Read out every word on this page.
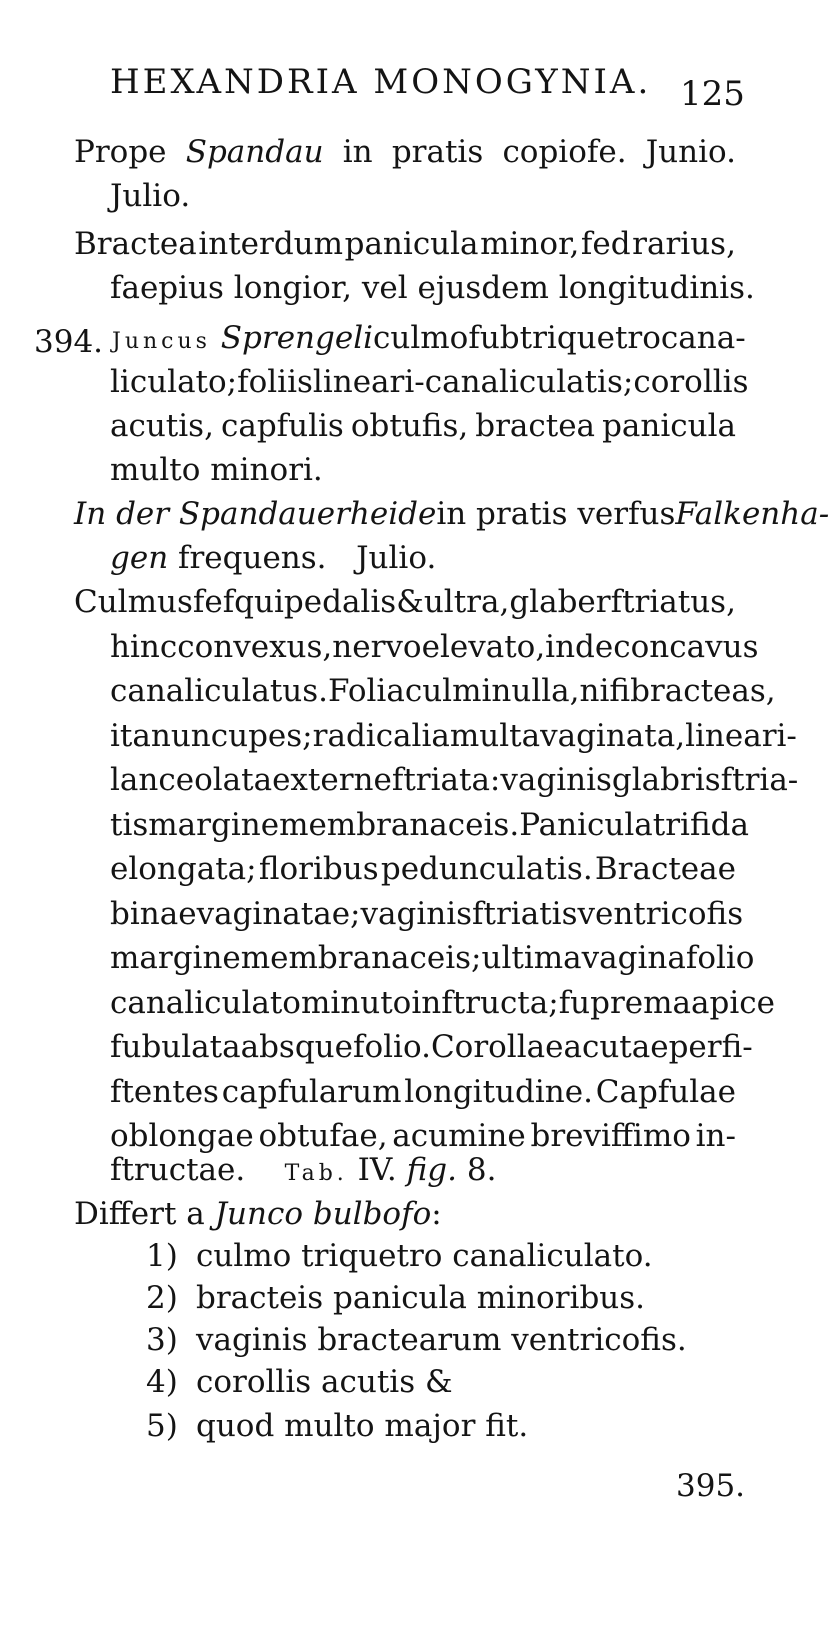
HEXANDRIA MONOGYNIA. 125
Prope Spandau in pratis copiofe. Junio.
Julio.
Bractea interdum panicula minor, fed rarius,
faepius longior, vel ejusdem longitudinis.
394. Juncus Sprengeli culmo fubtriquetro cana-
liculato; foliis lineari-canaliculatis; corollis
acutis, capfulis obtufis, bractea panicula
multo minori.
In der Spandauerheide in pratis verfus Falkenha-
gen frequens.   Julio.
Culmus fefquipedalis & ultra, glaber ftriatus,
hinc convexus, nervo elevato, inde concavus
canaliculatus. Folia culmi nulla, nifi bracteas,
ita nuncupes; radicalia multa vaginata, lineari-
lanceolata externe ftriata: vaginis glabris ftria-
tis margine membranaceis. Panicula trifida
elongata; floribus pedunculatis. Bracteae
binae vaginatae; vaginis ftriatis ventricofis
margine membranaceis; ultima vagina folio
canaliculato minuto inftructa; fuprema apice
fubulata absque folio. Corollae acutae perfi-
ftentes capfularum longitudine. Capfulae
oblongae obtufae, acumine breviffimo in-
ftructae. Tab. IV. fig. 8.
Differt a Junco bulbofo:
1) culmo triquetro canaliculato.
2) bracteis panicula minoribus.
3) vaginis bractearum ventricofis.
4) corollis acutis &
5) quod multo major fit.
395.
